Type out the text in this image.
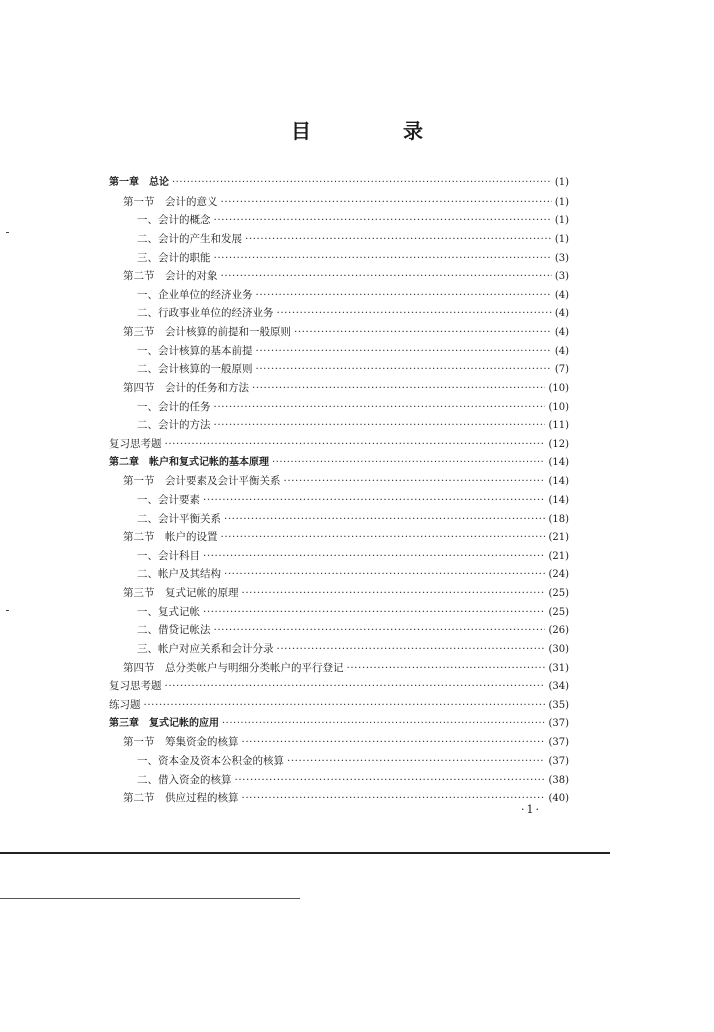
目　录
第一章　总论 ·····	(1)
第一节　会计的意义 ·····	(1)
一、会计的概念 ·····	(1)
二、会计的产生和发展 ·····	(1)
三、会计的职能 ·····	(3)
第二节　会计的对象 ·····	(3)
一、企业单位的经济业务 ·····	(4)
二、行政事业单位的经济业务 ·····	(4)
第三节　会计核算的前提和一般原则 ·····	(4)
一、会计核算的基本前提 ·····	(4)
二、会计核算的一般原则 ·····	(7)
第四节　会计的任务和方法 ·····	(10)
一、会计的任务 ·····	(10)
二、会计的方法 ·····	(11)
复习思考题 ·····	(12)
第二章　帐户和复式记帐的基本原理 ·····	(14)
第一节　会计要素及会计平衡关系 ·····	(14)
一、会计要素 ·····	(14)
二、会计平衡关系 ·····	(18)
第二节　帐户的设置 ·····	(21)
一、会计科目 ·····	(21)
二、帐户及其结构 ·····	(24)
第三节　复式记帐的原理 ·····	(25)
一、复式记帐 ·····	(25)
二、借贷记帐法 ·····	(26)
三、帐户对应关系和会计分录 ·····	(30)
第四节　总分类帐户与明细分类帐户的平行登记 ·····	(31)
复习思考题 ·····	(34)
练习题 ·····	(35)
第三章　复式记帐的应用 ·····	(37)
第一节　筹集资金的核算 ·····	(37)
一、资本金及资本公积金的核算 ·····	(37)
二、借入资金的核算 ·····	(38)
第二节　供应过程的核算 ·····	(40)
·1·
